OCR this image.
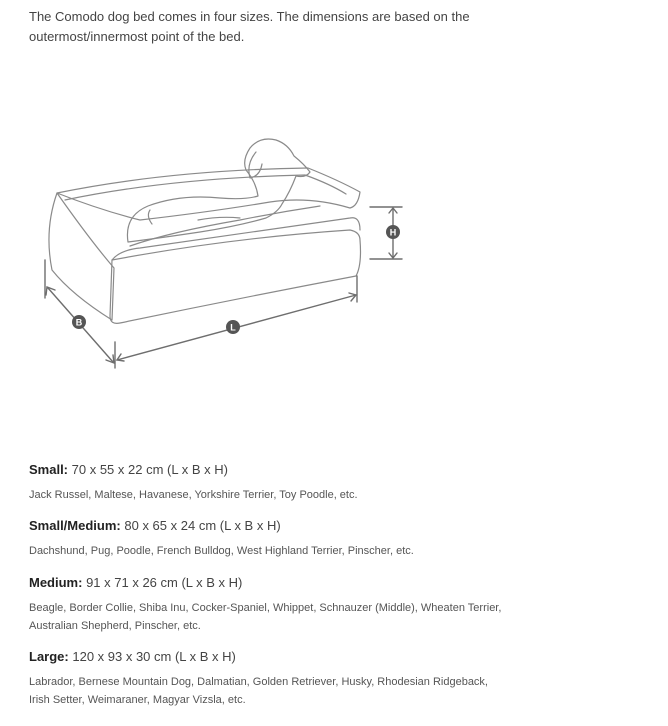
The Comodo dog bed comes in four sizes. The dimensions are based on the outermost/innermost point of the bed.

H
B	L

Small: 70 x 55 x 22 cm (L x B x H)

Jack Russel, Maltese, Havanese, Yorkshire Terrier, Toy Poodle, etc.

Small/Medium: 80 x 65 x 24 cm (L x B x H)

Dachshund, Pug, Poodle, French Bulldog, West Highland Terrier, Pinscher, etc.

Medium: 91 x 71 x 26 cm (L x B x H)

Beagle, Border Collie, Shiba Inu, Cocker-Spaniel, Whippet, Schnauzer (Middle), Wheaten Terrier, Australian Shepherd, Pinscher, etc.

Large: 120 x 93 x 30 cm (L x B x H)

Labrador, Bernese Mountain Dog, Dalmatian, Golden Retriever, Husky, Rhodesian Ridgeback, Irish Setter, Weimaraner, Magyar Vizsla, etc.
